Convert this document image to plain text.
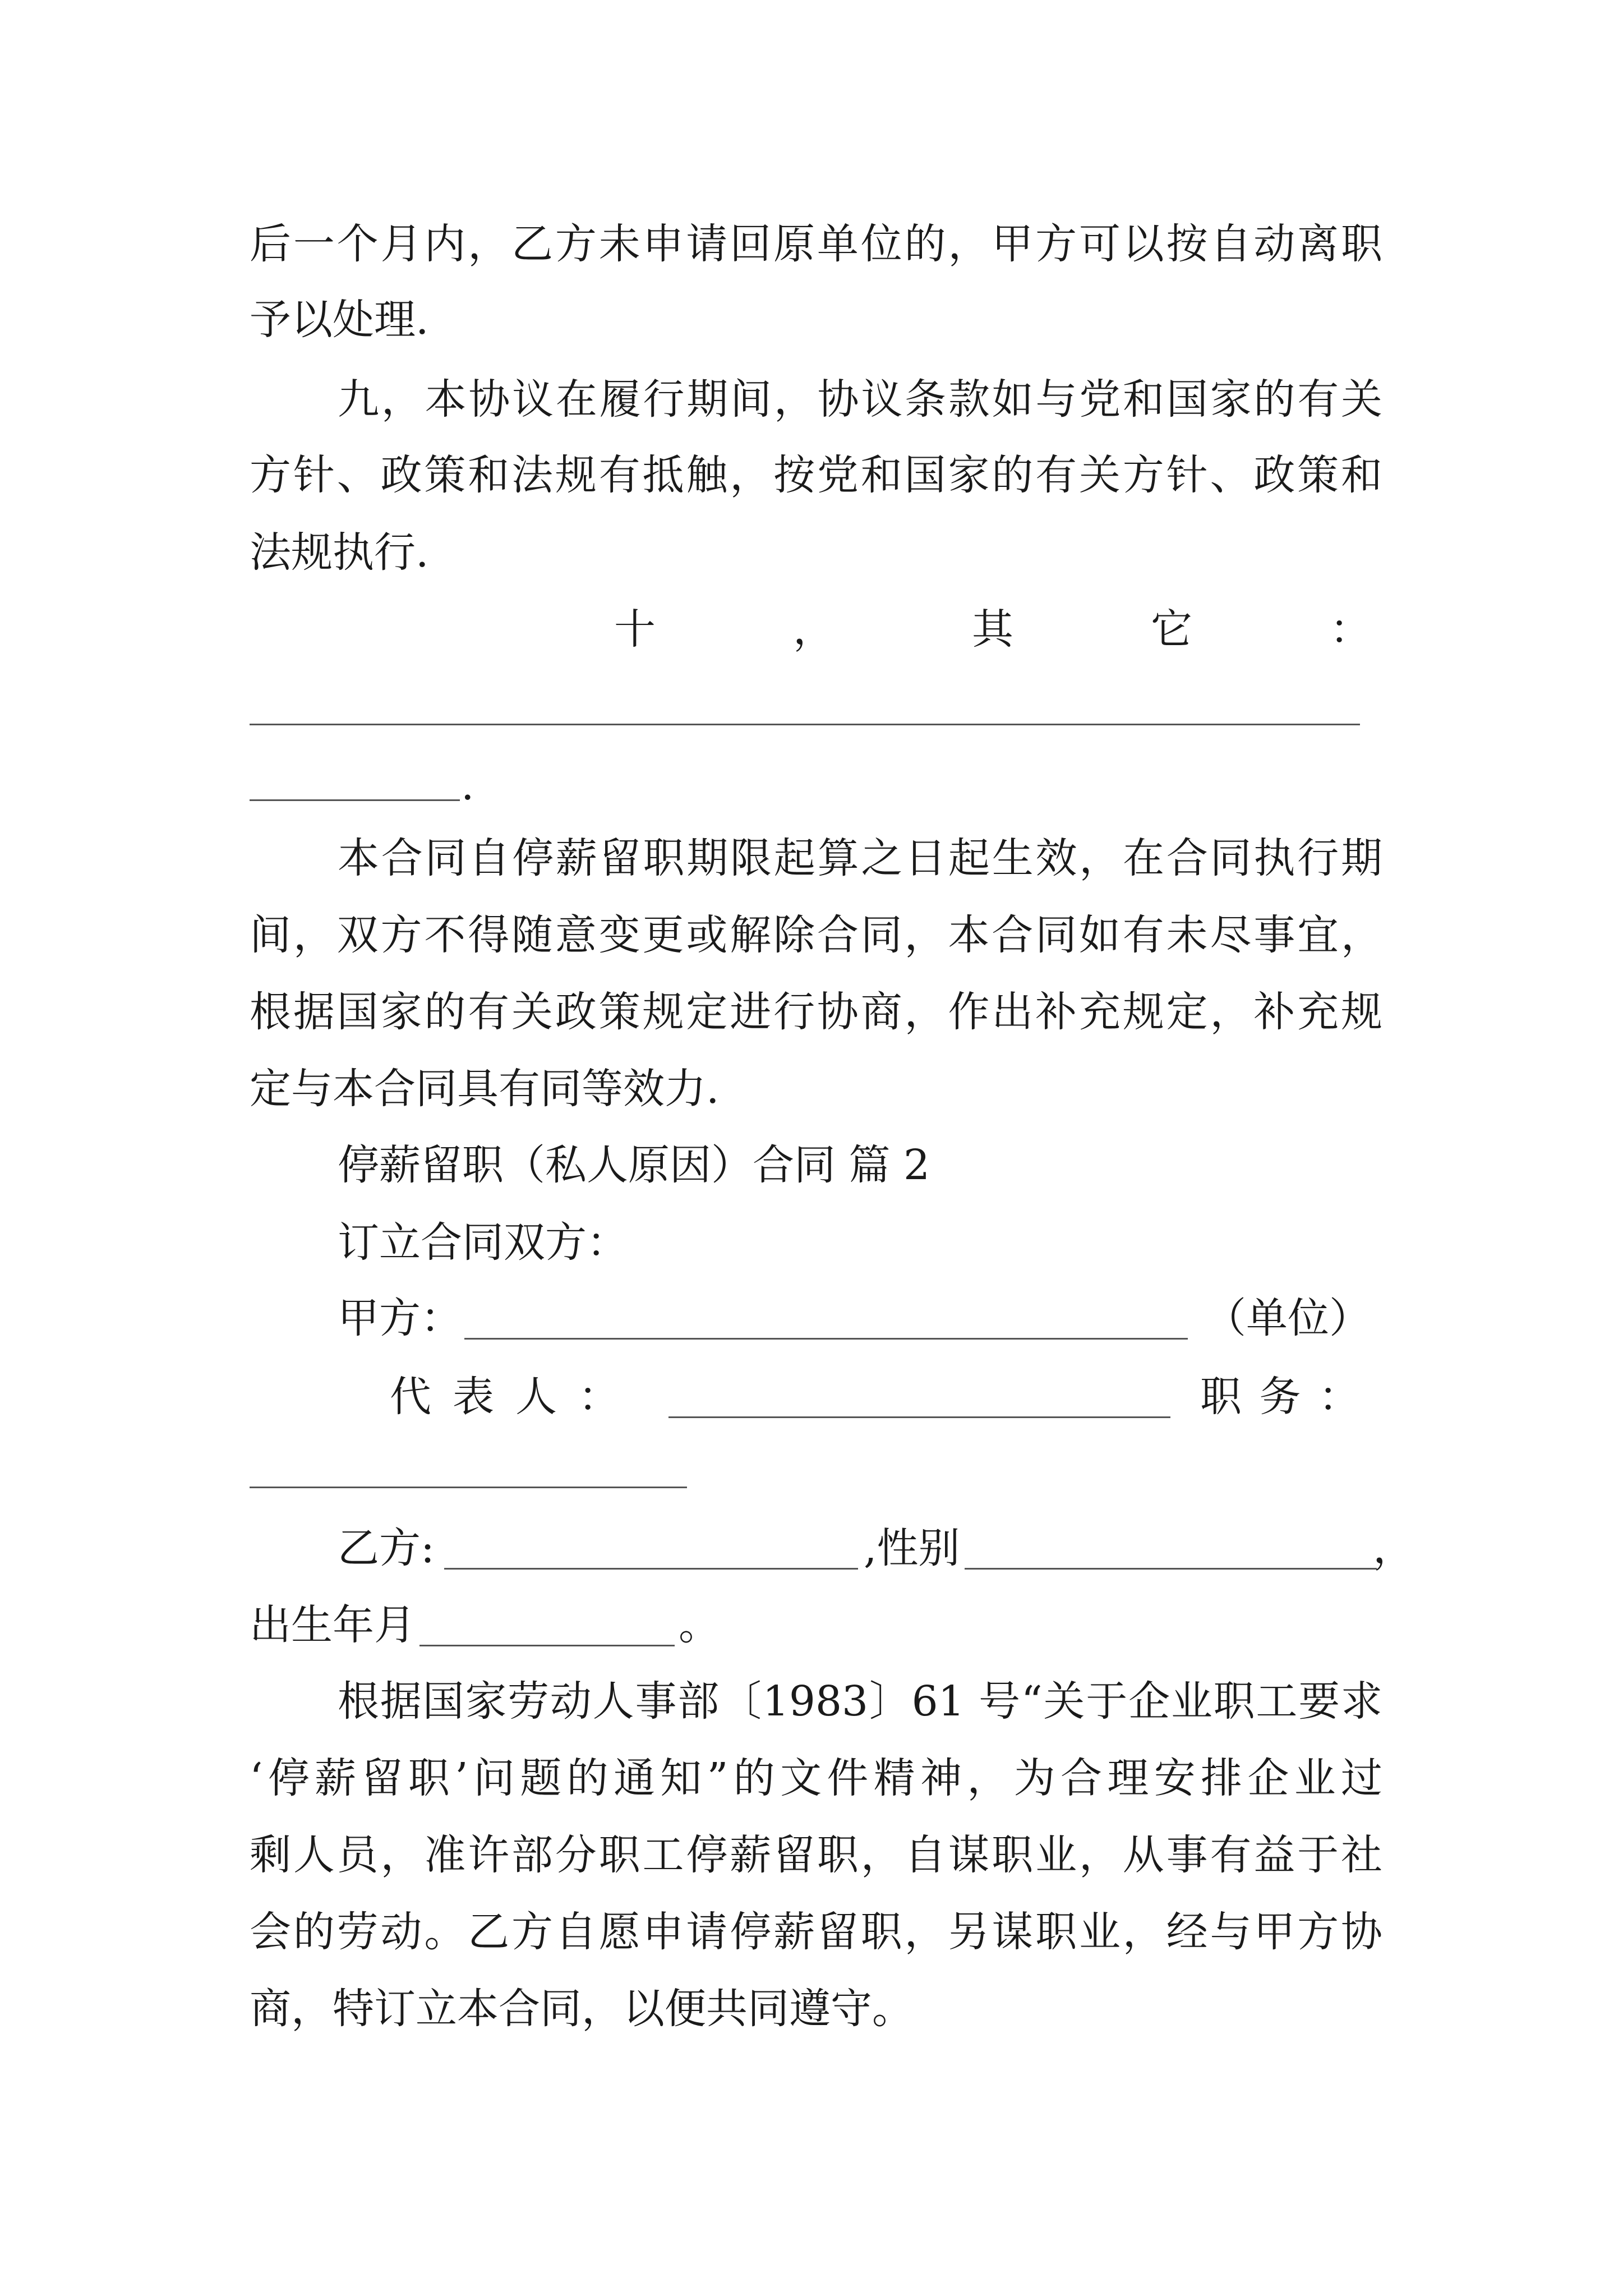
后一个月内，乙方未申请回原单位的，甲方可以按自动离职
予以处理.
九，本协议在履行期间，协议条款如与党和国家的有关
方针、政策和法规有抵触，按党和国家的有关方针、政策和
法规执行.
十	，	其	它	：
.
本合同自停薪留职期限起算之日起生效，在合同执行期
间，双方不得随意变更或解除合同，本合同如有未尽事宜，
根据国家的有关政策规定进行协商，作出补充规定，补充规
定与本合同具有同等效力.
停薪留职（私人原因）合同 篇 2
订立合同双方：
甲方：	（单位）
代 表 人 ：	职 务 ：
乙方:	,性别	，
出生年月	。
根据国家劳动人事部〔1983〕61 号“关于企业职工要求
‘停薪留职’问题的通知”的文件精神，为合理安排企业过
剩人员，准许部分职工停薪留职，自谋职业，从事有益于社
会的劳动。乙方自愿申请停薪留职，另谋职业，经与甲方协
商，特订立本合同，以便共同遵守。
